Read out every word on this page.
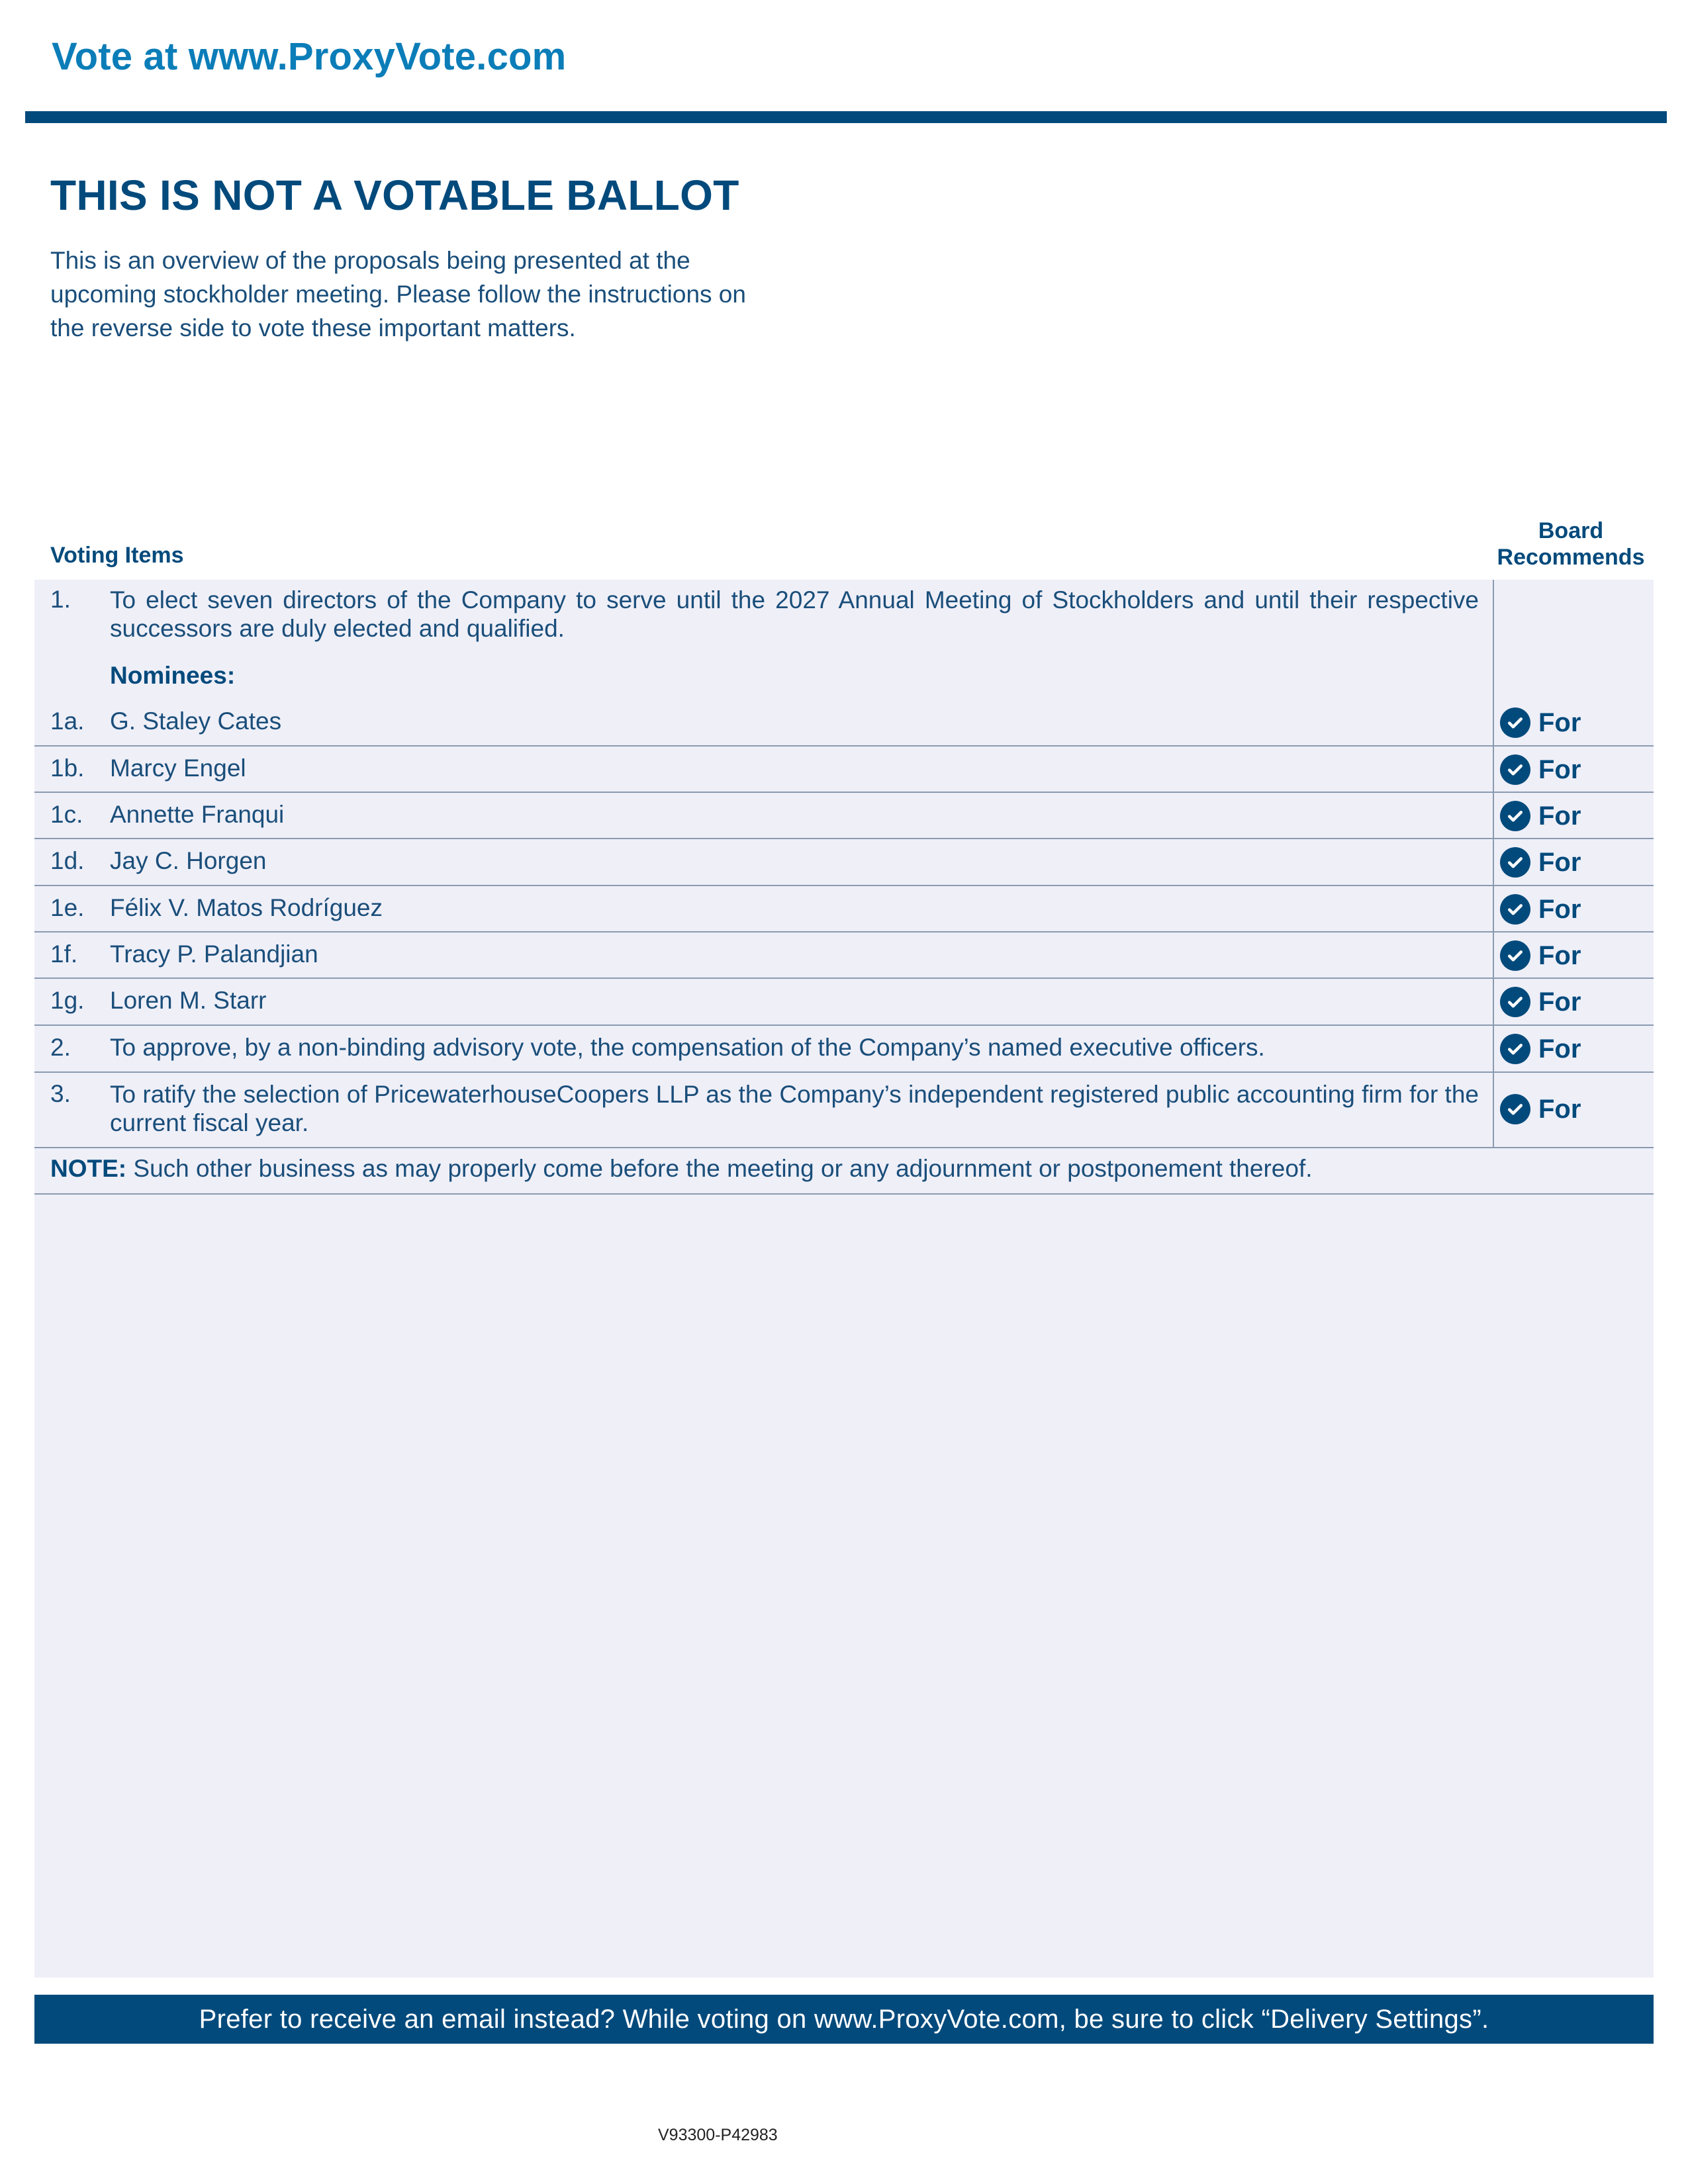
Vote at www.ProxyVote.com
THIS IS NOT A VOTABLE BALLOT
This is an overview of the proposals being presented at the
upcoming stockholder meeting. Please follow the instructions on
the reverse side to vote these important matters.
Voting Items
Board
Recommends
1. To elect seven directors of the Company to serve until the 2027 Annual Meeting of Stockholders and until their respective successors are duly elected and qualified.
Nominees:
1a. G. Staley Cates	For
1b. Marcy Engel	For
1c. Annette Franqui	For
1d. Jay C. Horgen	For
1e. Félix V. Matos Rodríguez	For
1f. Tracy P. Palandjian	For
1g. Loren M. Starr	For
2. To approve, by a non-binding advisory vote, the compensation of the Company’s named executive officers.	For
3. To ratify the selection of PricewaterhouseCoopers LLP as the Company’s independent registered public accounting firm for the current fiscal year.	For
NOTE: Such other business as may properly come before the meeting or any adjournment or postponement thereof.
Prefer to receive an email instead? While voting on www.ProxyVote.com, be sure to click “Delivery Settings”.
V93300-P42983
